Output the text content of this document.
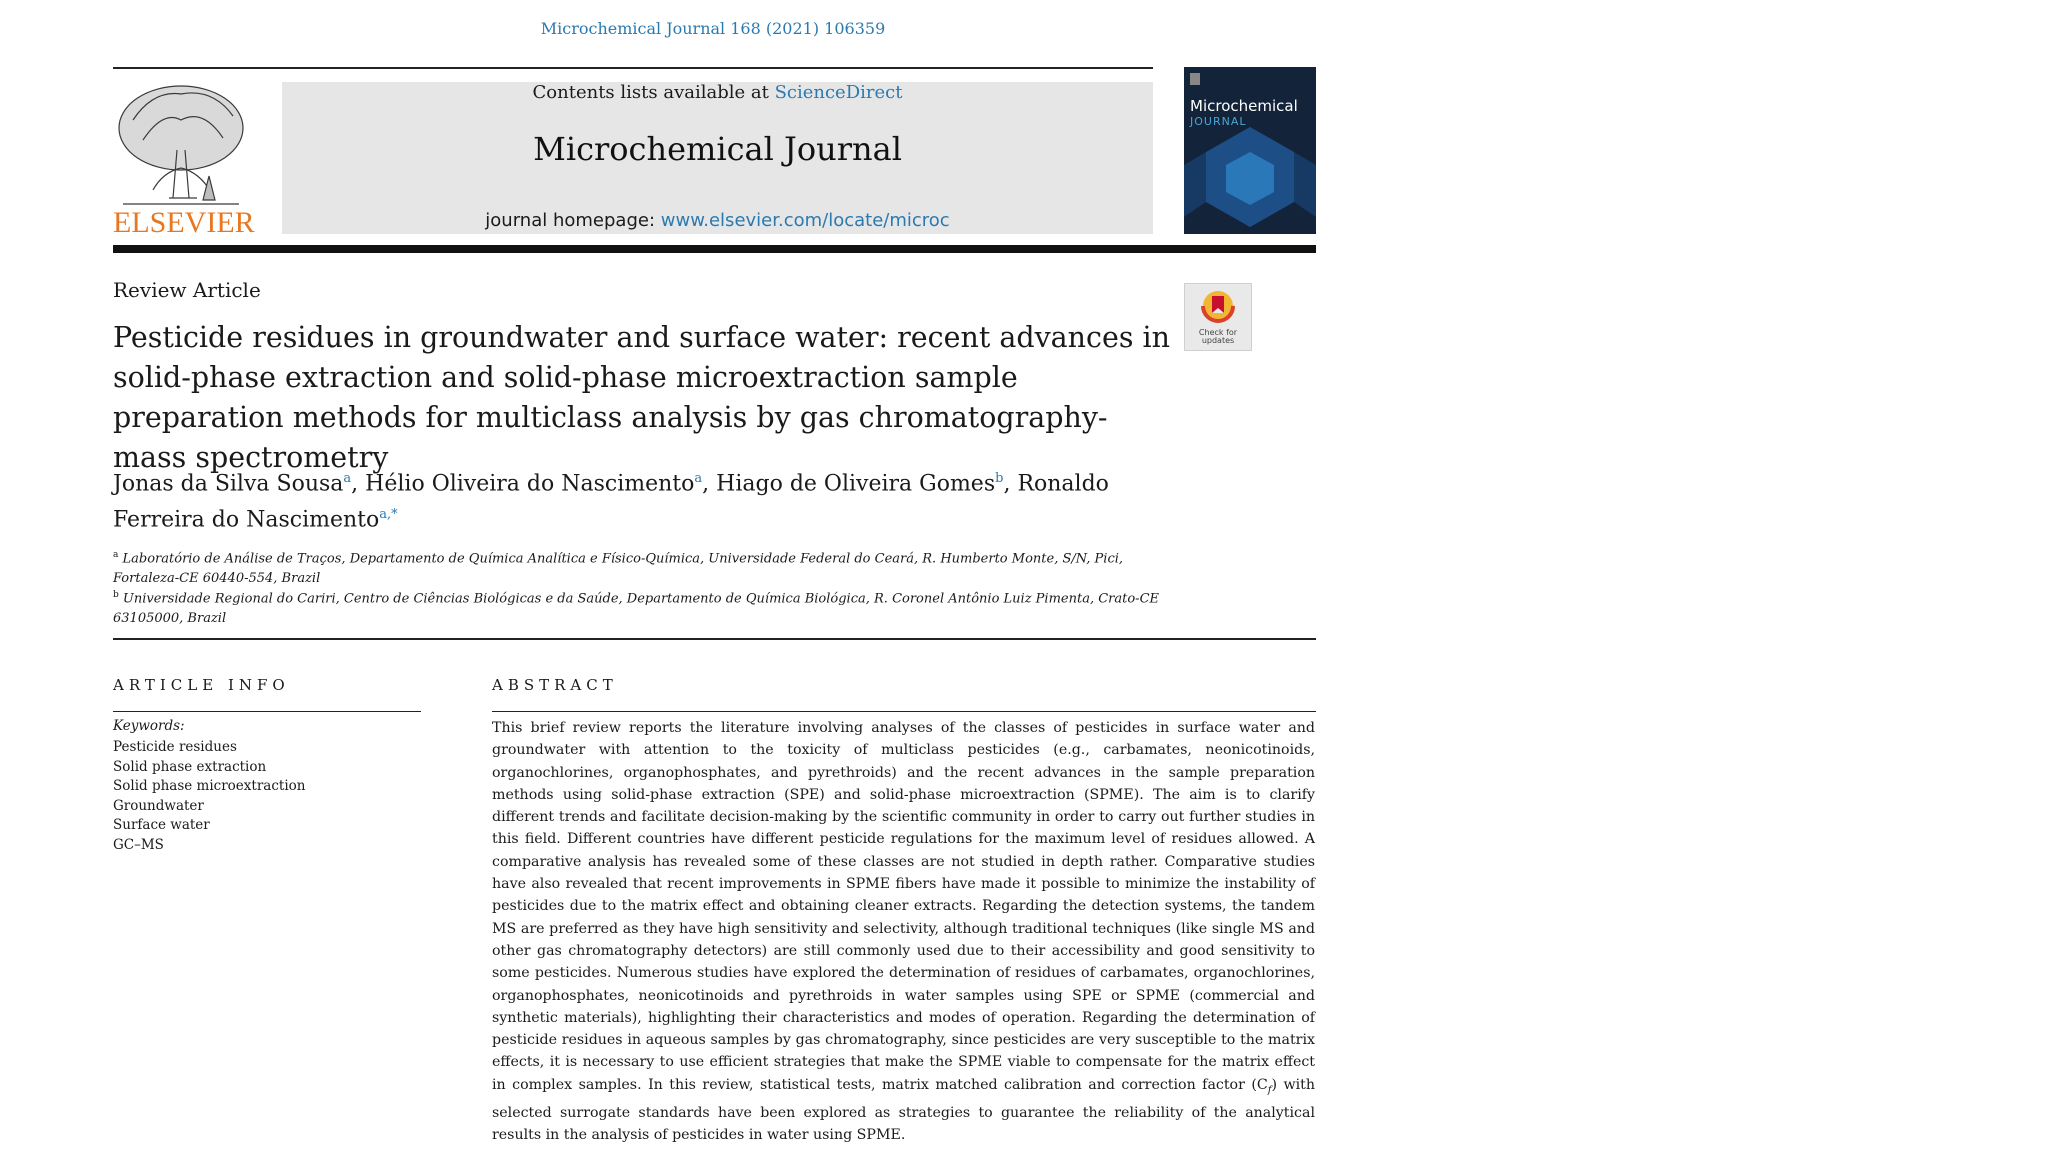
Microchemical Journal 168 (2021) 106359
ELSEVIER
Contents lists available at ScienceDirect
Microchemical Journal
journal homepage: www.elsevier.com/locate/microc
Microchemical
JOURNAL
Review Article
Check for
updates
Pesticide residues in groundwater and surface water: recent advances in solid-phase extraction and solid-phase microextraction sample preparation methods for multiclass analysis by gas chromatography-mass spectrometry
Jonas da Silva Sousa$^a$, Hélio Oliveira do Nascimento$^a$, Hiago de Oliveira Gomes$^b$, Ronaldo Ferreira do Nascimento$^{a,*}$
$^a$ Laboratório de Análise de Traços, Departamento de Química Analítica e Físico-Química, Universidade Federal do Ceará, R. Humberto Monte, S/N, Pici, Fortaleza-CE 60440-554, Brazil
$^b$ Universidade Regional do Cariri, Centro de Ciências Biológicas e da Saúde, Departamento de Química Biológica, R. Coronel Antônio Luiz Pimenta, Crato-CE 63105000, Brazil
ARTICLE INFO	ABSTRACT
Keywords:
Pesticide residues
Solid phase extraction
Solid phase microextraction
Groundwater
Surface water
GC–MS
This brief review reports the literature involving analyses of the classes of pesticides in surface water and groundwater with attention to the toxicity of multiclass pesticides (e.g., carbamates, neonicotinoids, organochlorines, organophosphates, and pyrethroids) and the recent advances in the sample preparation methods using solid-phase extraction (SPE) and solid-phase microextraction (SPME). The aim is to clarify different trends and facilitate decision-making by the scientific community in order to carry out further studies in this field. Different countries have different pesticide regulations for the maximum level of residues allowed. A comparative analysis has revealed some of these classes are not studied in depth rather. Comparative studies have also revealed that recent improvements in SPME fibers have made it possible to minimize the instability of pesticides due to the matrix effect and obtaining cleaner extracts. Regarding the detection systems, the tandem MS are preferred as they have high sensitivity and selectivity, although traditional techniques (like single MS and other gas chromatography detectors) are still commonly used due to their accessibility and good sensitivity to some pesticides. Numerous studies have explored the determination of residues of carbamates, organochlorines, organophosphates, neonicotinoids and pyrethroids in water samples using SPE or SPME (commercial and synthetic materials), highlighting their characteristics and modes of operation. Regarding the determination of pesticide residues in aqueous samples by gas chromatography, since pesticides are very susceptible to the matrix effects, it is necessary to use efficient strategies that make the SPME viable to compensate for the matrix effect in complex samples. In this review, statistical tests, matrix matched calibration and correction factor $(C_f)$ with selected surrogate standards have been explored as strategies to guarantee the reliability of the analytical results in the analysis of pesticides in water using SPME.
